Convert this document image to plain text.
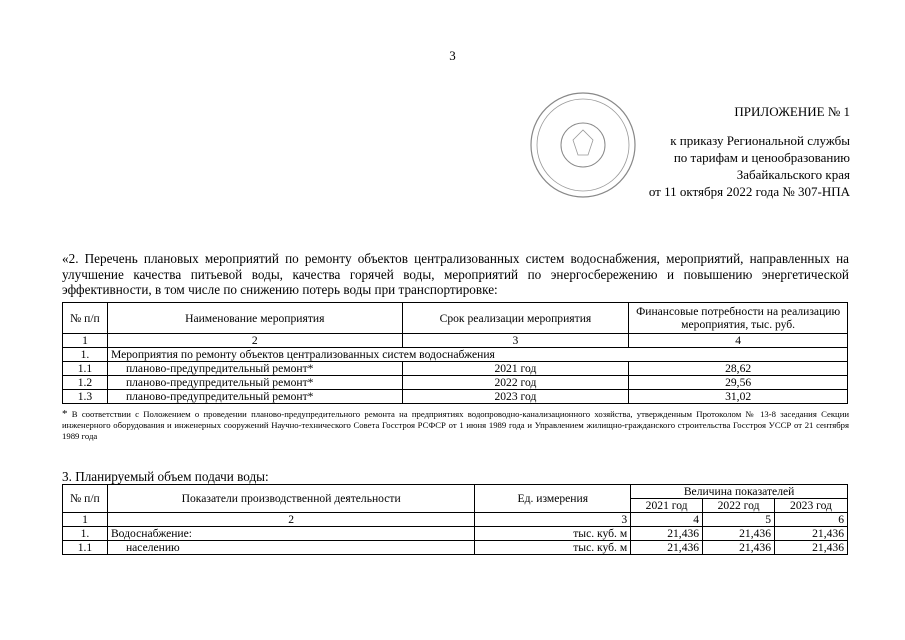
3
ПРИЛОЖЕНИЕ № 1
к приказу Региональной службы
по тарифам и ценообразованию
Забайкальского края
от 11 октября 2022 года № 307-НПА
«2. Перечень плановых мероприятий по ремонту объектов централизованных систем водоснабжения, мероприятий, направленных на улучшение качества питьевой воды, качества горячей воды, мероприятий по энергосбережению и повышению энергетической эффективности, в том числе по снижению потерь воды при транспортировке:
№ п/п	Наименование мероприятия	Срок реализации мероприятия	Финансовые потребности на реализацию мероприятия, тыс. руб.
1	2	3	4
1.	Мероприятия по ремонту объектов централизованных систем водоснабжения		
1.1	планово-предупредительный ремонт*	2021 год	28,62
1.2	планово-предупредительный ремонт*	2022 год	29,56
1.3	планово-предупредительный ремонт*	2023 год	31,02
* В соответствии с Положением о проведении планово-предупредительного ремонта на предприятиях водопроводно-канализационного хозяйства, утвержденным Протоколом № 13-8 заседания Секции инженерного оборудования и инженерных сооружений Научно-технического Совета Госстроя РСФСР от 1 июня 1989 года и Управлением жилищно-гражданского строительства Госстроя УССР от 21 сентября 1989 года
3. Планируемый объем подачи воды:
№ п/п	Показатели производственной деятельности	Ед. измерения	Величина показателей		
			2021 год	2022 год	2023 год
1	2	3	4	5	6
1.	Водоснабжение:	тыс. куб. м	21,436	21,436	21,436
1.1	населению	тыс. куб. м	21,436	21,436	21,436
